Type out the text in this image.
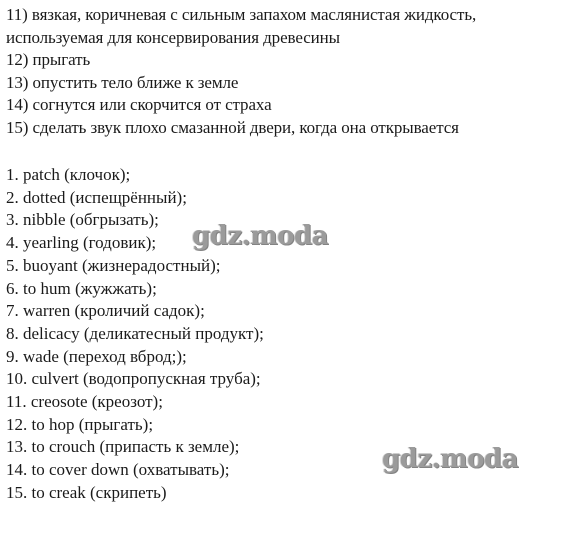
11) вязкая, коричневая с сильным запахом маслянистая жидкость,
используемая для консервирования древесины
12) прыгать
13) опустить тело ближе к земле
14) согнутся или скорчится от страха
15) сделать звук плохо смазанной двери, когда она открывается
1. patch (клочок);
2. dotted (испещрённый);
3. nibble (обгрызать);
4. yearling (годовик);
5. buoyant (жизнерадостный);
6. to hum (жужжать);
7. warren (кроличий садок);
8. delicacy (деликатесный продукт);
9. wade (переход вброд;);
10. culvert (водопропускная труба);
11. creosote (креозот);
12. to hop (прыгать);
13. to crouch (припасть к земле);
14. to cover down (охватывать);
15. to creak (скрипеть)
gdz.moda
gdz.moda
